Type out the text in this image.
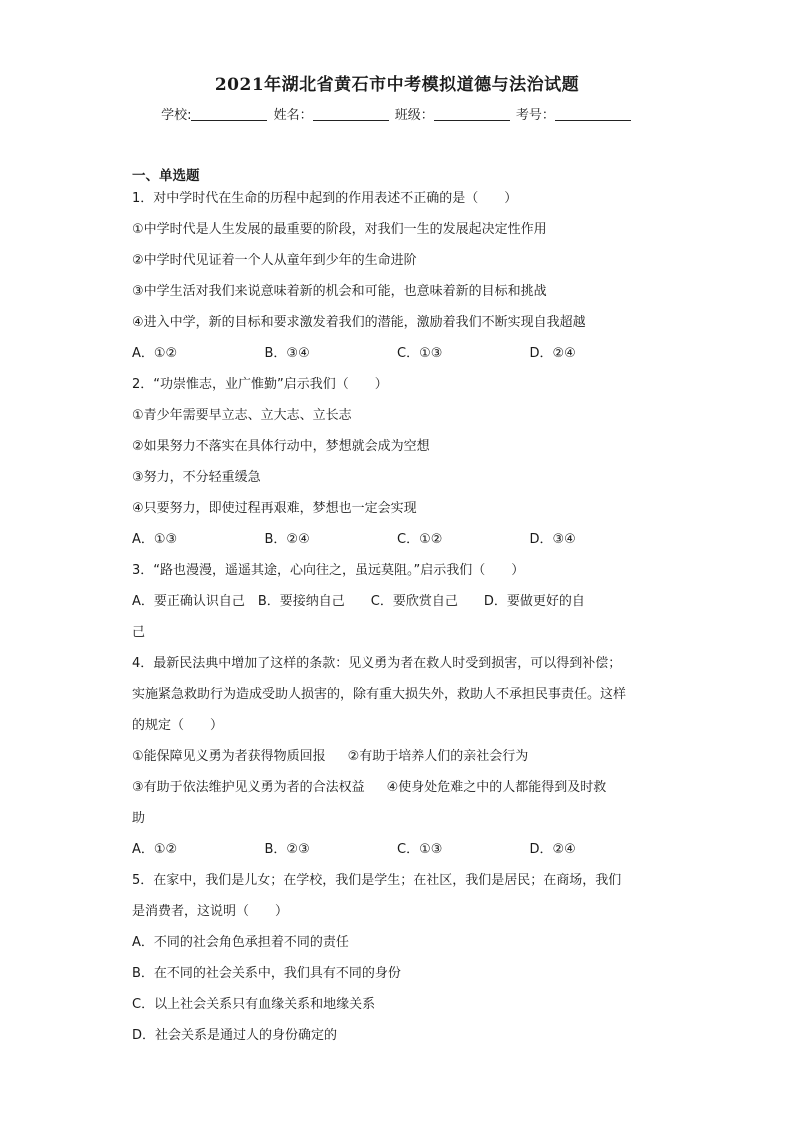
2021年湖北省黄石市中考模拟道德与法治试题
学校:	姓名：	班级：	考号：
一、单选题
1．对中学时代在生命的历程中起到的作用表述不正确的是（　　）
①中学时代是人生发展的最重要的阶段，对我们一生的发展起决定性作用
②中学时代见证着一个人从童年到少年的生命进阶
③中学生活对我们来说意味着新的机会和可能，也意味着新的目标和挑战
④进入中学，新的目标和要求激发着我们的潜能，激励着我们不断实现自我超越
A．①②	B．③④	C．①③	D．②④
2．“功崇惟志，业广惟勤”启示我们（　　）
①青少年需要早立志、立大志、立长志
②如果努力不落实在具体行动中，梦想就会成为空想
③努力，不分轻重缓急
④只要努力，即使过程再艰难，梦想也一定会实现
A．①③	B．②④	C．①②	D．③④
3．“路也漫漫，遥遥其途，心向往之，虽远莫阻。”启示我们（　　）
A．要正确认识自己　B．要接纳自己　　C．要欣赏自己　　D．要做更好的自
己
4．最新民法典中增加了这样的条款：见义勇为者在救人时受到损害，可以得到补偿；
实施紧急救助行为造成受助人损害的，除有重大损失外，救助人不承担民事责任。这样
的规定（　　）
①能保障见义勇为者获得物质回报 ②有助于培养人们的亲社会行为
③有助于依法维护见义勇为者的合法权益 ④使身处危难之中的人都能得到及时救
助
A．①②	B．②③	C．①③	D．②④
5．在家中，我们是儿女；在学校，我们是学生；在社区，我们是居民；在商场，我们
是消费者，这说明（　　）
A．不同的社会角色承担着不同的责任
B．在不同的社会关系中，我们具有不同的身份
C．以上社会关系只有血缘关系和地缘关系
D．社会关系是通过人的身份确定的
